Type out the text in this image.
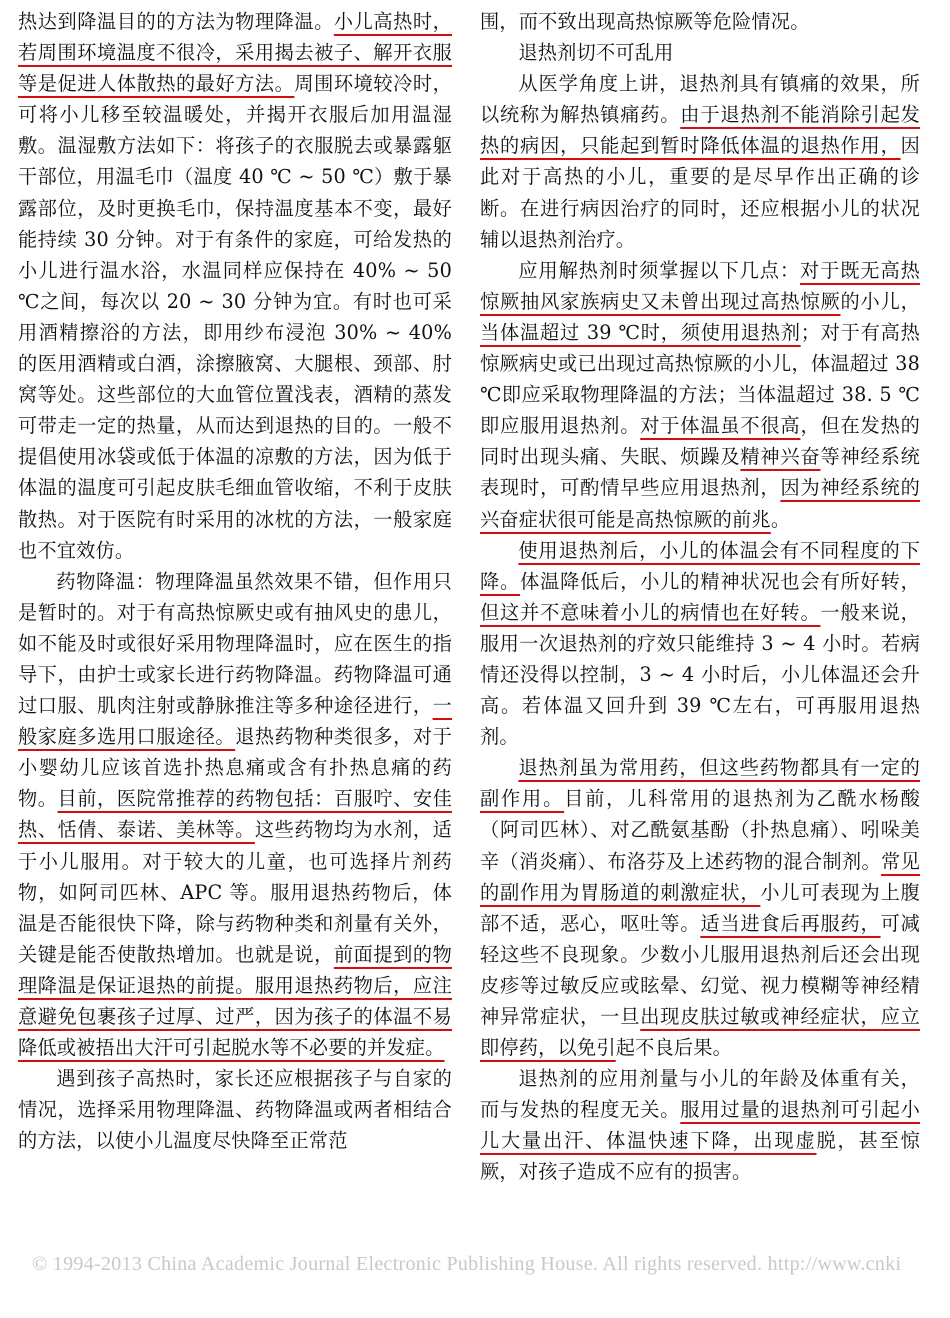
热达到降温目的的方法为物理降温。小儿高热时，若周围环境温度不很冷，采用揭去被子、解开衣服等是促进人体散热的最好方法。周围环境较冷时，可将小儿移至较温暖处，并揭开衣服后加用温湿敷。温湿敷方法如下：将孩子的衣服脱去或暴露躯干部位，用温毛巾（温度 40 ℃ ~ 50 ℃）敷于暴露部位，及时更换毛巾，保持温度基本不变，最好能持续 30 分钟。对于有条件的家庭，可给发热的小儿进行温水浴，水温同样应保持在 40% ~ 50 ℃之间，每次以 20 ~ 30 分钟为宜。有时也可采用酒精擦浴的方法，即用纱布浸泡 30% ~ 40% 的医用酒精或白酒，涂擦腋窝、大腿根、颈部、肘窝等处。这些部位的大血管位置浅表，酒精的蒸发可带走一定的热量，从而达到退热的目的。一般不提倡使用冰袋或低于体温的凉敷的方法，因为低于体温的温度可引起皮肤毛细血管收缩，不利于皮肤散热。对于医院有时采用的冰枕的方法，一般家庭也不宜效仿。

药物降温：物理降温虽然效果不错，但作用只是暂时的。对于有高热惊厥史或有抽风史的患儿，如不能及时或很好采用物理降温时，应在医生的指导下，由护士或家长进行药物降温。药物降温可通过口服、肌肉注射或静脉推注等多种途径进行，一般家庭多选用口服途径。退热药物种类很多，对于小婴幼儿应该首选扑热息痛或含有扑热息痛的药物。目前，医院常推荐的药物包括：百服咛、安佳热、恬倩、泰诺、美林等。这些药物均为水剂，适于小儿服用。对于较大的儿童，也可选择片剂药物，如阿司匹林、APC 等。服用退热药物后，体温是否能很快下降，除与药物种类和剂量有关外，关键是能否使散热增加。也就是说，前面提到的物理降温是保证退热的前提。服用退热药物后，应注意避免包裹孩子过厚、过严，因为孩子的体温不易降低或被捂出大汗可引起脱水等不必要的并发症。

遇到孩子高热时，家长还应根据孩子与自家的情况，选择采用物理降温、药物降温或两者相结合的方法，以使小儿温度尽快降至正常范

围，而不致出现高热惊厥等危险情况。

退热剂切不可乱用

从医学角度上讲，退热剂具有镇痛的效果，所以统称为解热镇痛药。由于退热剂不能消除引起发热的病因，只能起到暂时降低体温的退热作用，因此对于高热的小儿，重要的是尽早作出正确的诊断。在进行病因治疗的同时，还应根据小儿的状况辅以退热剂治疗。

应用解热剂时须掌握以下几点：对于既无高热惊厥抽风家族病史又未曾出现过高热惊厥的小儿，当体温超过 39 ℃时，须使用退热剂；对于有高热惊厥病史或已出现过高热惊厥的小儿，体温超过 38 ℃即应采取物理降温的方法；当体温超过 38. 5 ℃即应服用退热剂。对于体温虽不很高，但在发热的同时出现头痛、失眠、烦躁及精神兴奋等神经系统表现时，可酌情早些应用退热剂，因为神经系统的兴奋症状很可能是高热惊厥的前兆。

使用退热剂后，小儿的体温会有不同程度的下降。体温降低后，小儿的精神状况也会有所好转，但这并不意味着小儿的病情也在好转。一般来说，服用一次退热剂的疗效只能维持 3 ~ 4 小时。若病情还没得以控制，3 ~ 4 小时后，小儿体温还会升高。若体温又回升到 39 ℃左右，可再服用退热剂。

退热剂虽为常用药，但这些药物都具有一定的副作用。目前，儿科常用的退热剂为乙酰水杨酸（阿司匹林）、对乙酰氨基酚（扑热息痛）、吲哚美辛（消炎痛）、布洛芬及上述药物的混合制剂。常见的副作用为胃肠道的刺激症状，小儿可表现为上腹部不适，恶心，呕吐等。适当进食后再服药，可减轻这些不良现象。少数小儿服用退热剂后还会出现皮疹等过敏反应或眩晕、幻觉、视力模糊等神经精神异常症状，一旦出现皮肤过敏或神经症状，应立即停药，以免引起不良后果。

退热剂的应用剂量与小儿的年龄及体重有关，而与发热的程度无关。服用过量的退热剂可引起小儿大量出汗、体温快速下降，出现虚脱，甚至惊厥，对孩子造成不应有的损害。

© 1994-2013 China Academic Journal Electronic Publishing House. All rights reserved. http://www.cnki
